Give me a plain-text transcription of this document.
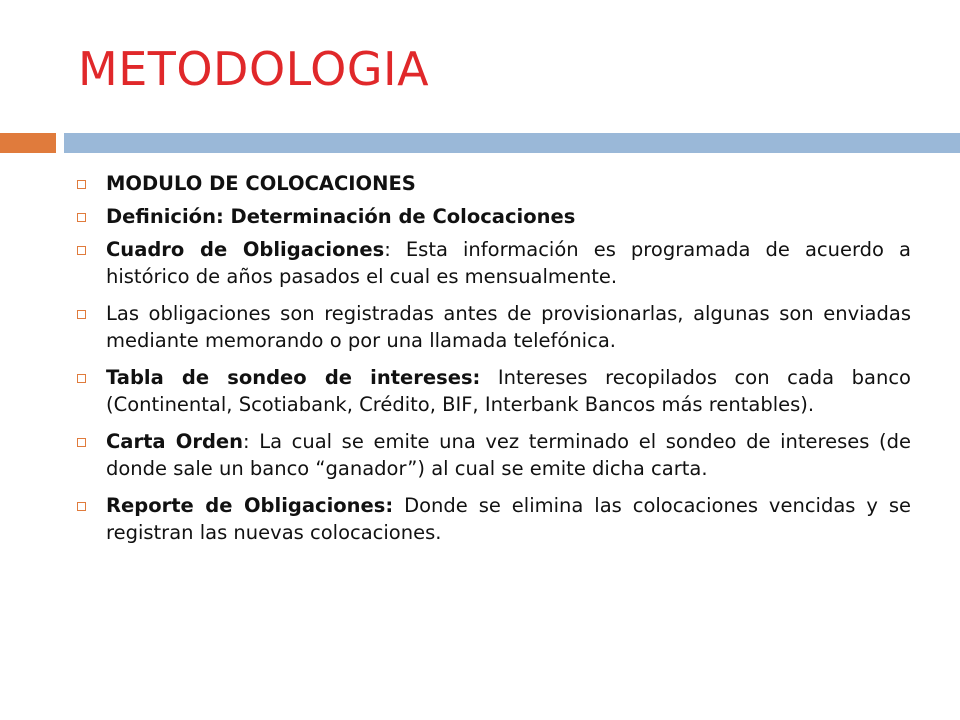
METODOLOGIA
MODULO DE COLOCACIONES
Definición: Determinación de Colocaciones
Cuadro de Obligaciones: Esta información es programada de acuerdo a histórico de años pasados el cual es mensualmente.
Las obligaciones son registradas antes de provisionarlas, algunas son enviadas mediante memorando o por una llamada telefónica.
Tabla de sondeo de intereses: Intereses recopilados con cada banco (Continental, Scotiabank, Crédito, BIF, Interbank Bancos más rentables).
Carta Orden: La cual se emite una vez terminado el sondeo de intereses (de donde sale un banco “ganador”) al cual se emite dicha carta.
Reporte de Obligaciones: Donde se elimina las colocaciones vencidas y se registran las nuevas colocaciones.
